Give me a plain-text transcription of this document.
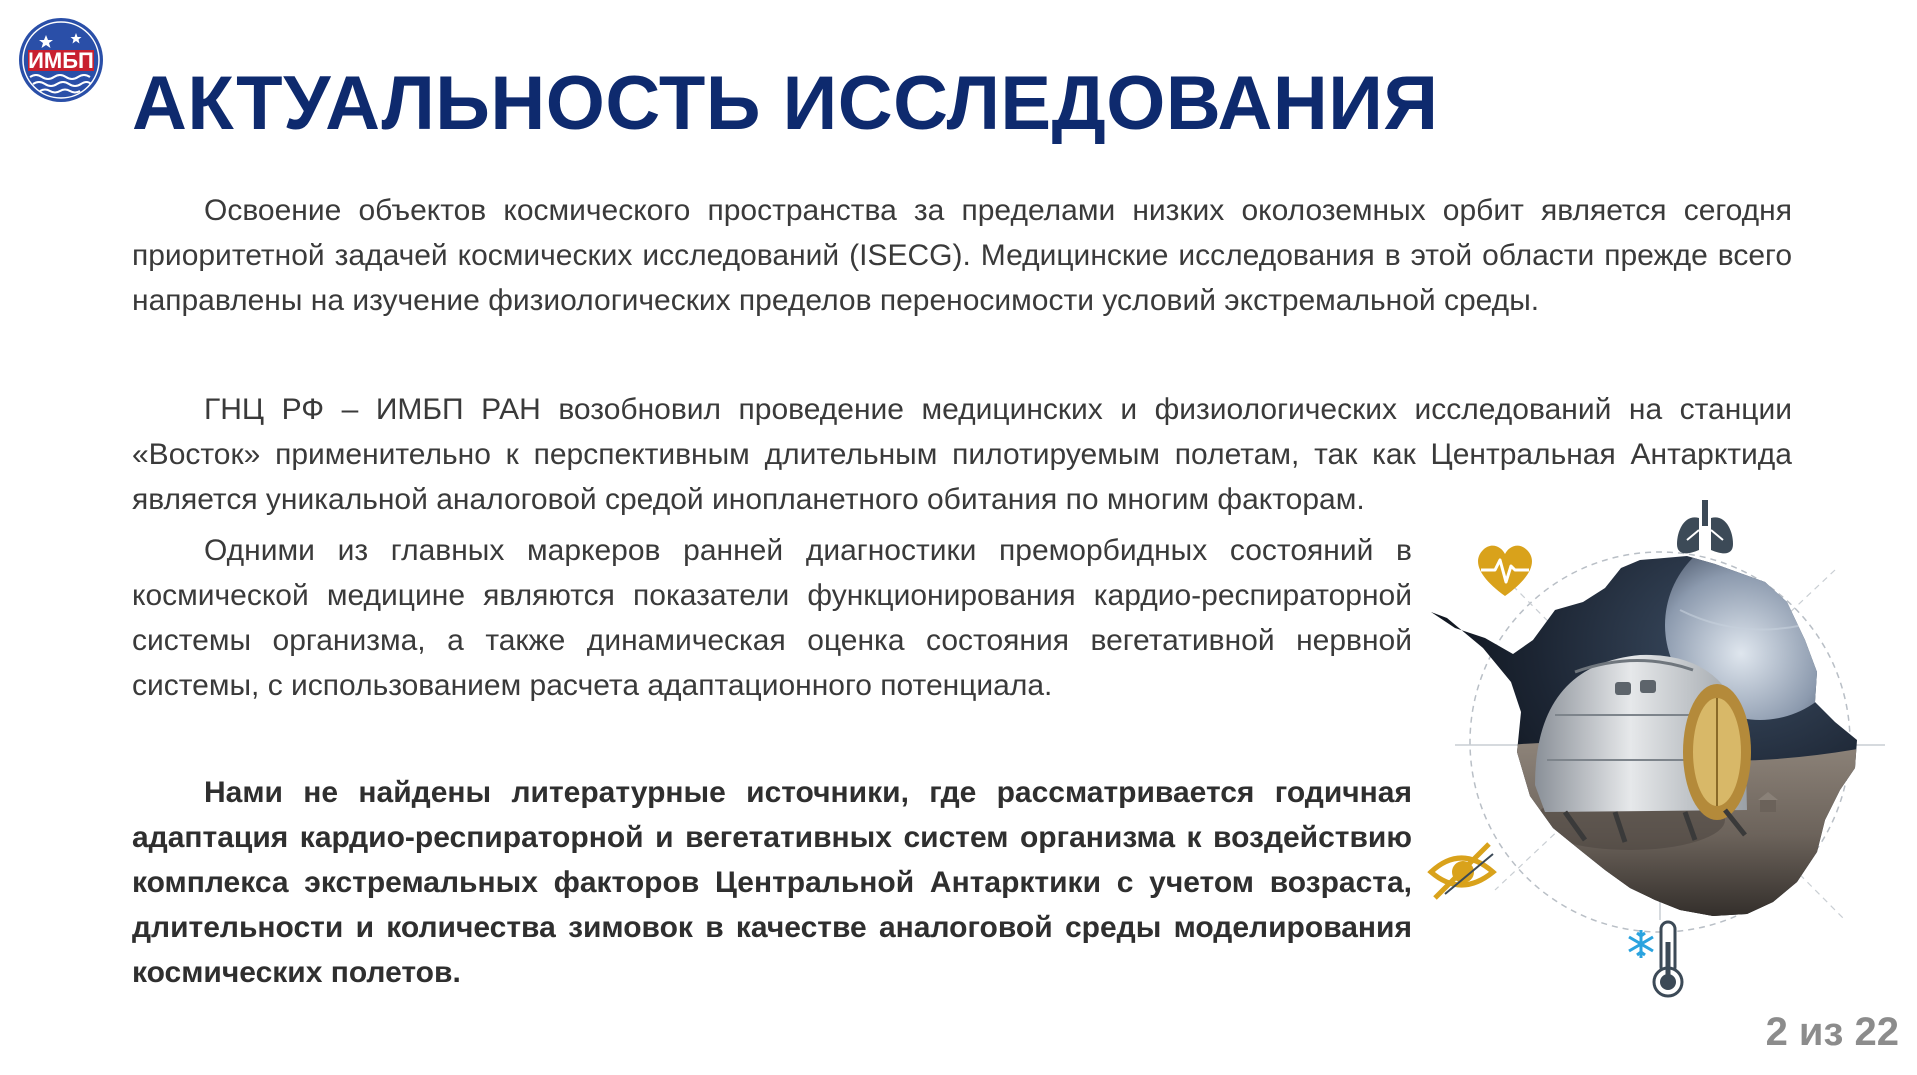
ИМБП
АКТУАЛЬНОСТЬ ИССЛЕДОВАНИЯ

Освоение объектов космического пространства за пределами низких околоземных орбит является сегодня приоритетной задачей космических исследований (ISECG). Медицинские исследования в этой области прежде всего направлены на изучение физиологических пределов переносимости условий экстремальной среды.

ГНЦ РФ – ИМБП РАН возобновил проведение медицинских и физиологических исследований на станции «Восток» применительно к перспективным длительным пилотируемым полетам, так как Центральная Антарктида является уникальной аналоговой средой инопланетного обитания по многим факторам.

Одними из главных маркеров ранней диагностики преморбидных состояний в космической медицине являются показатели функционирования кардио-респираторной системы организма, а также динамическая оценка состояния вегетативной нервной системы, с использованием расчета адаптационного потенциала.

Нами не найдены литературные источники, где рассматривается годичная адаптация кардио-респираторной и вегетативных систем организма к воздействию комплекса экстремальных факторов Центральной Антарктики с учетом возраста, длительности и количества зимовок в качестве аналоговой среды моделирования космических полетов.

2 из 22
